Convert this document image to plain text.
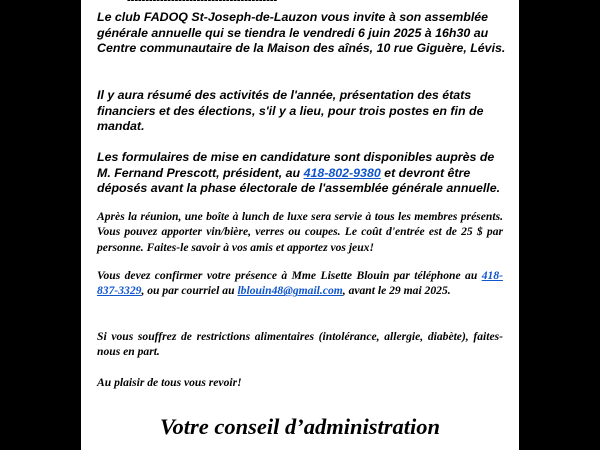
-----------------------------------------

Le club FADOQ St-Joseph-de-Lauzon vous invite à son assemblée générale annuelle qui se tiendra le vendredi 6 juin 2025 à 16h30 au Centre communautaire de la Maison des aînés, 10 rue Giguère, Lévis.

Il y aura résumé des activités de l'année, présentation des états financiers et des élections, s'il y a lieu, pour trois postes en fin de mandat.

Les formulaires de mise en candidature sont disponibles auprès de M. Fernand Prescott, président, au 418-802-9380 et devront être déposés avant la phase électorale de l'assemblée générale annuelle.

Après la réunion, une boîte à lunch de luxe sera servie à tous les membres présents. Vous pouvez apporter vin/bière, verres ou coupes. Le coût d'entrée est de 25 $ par personne. Faites-le savoir à vos amis et apportez vos jeux!

Vous devez confirmer votre présence à Mme Lisette Blouin par téléphone au 418-837-3329, ou par courriel au lblouin48@gmail.com, avant le 29 mai 2025.

Si vous souffrez de restrictions alimentaires (intolérance, allergie, diabète), faites-nous en part.

Au plaisir de tous vous revoir!

Votre conseil d’administration
